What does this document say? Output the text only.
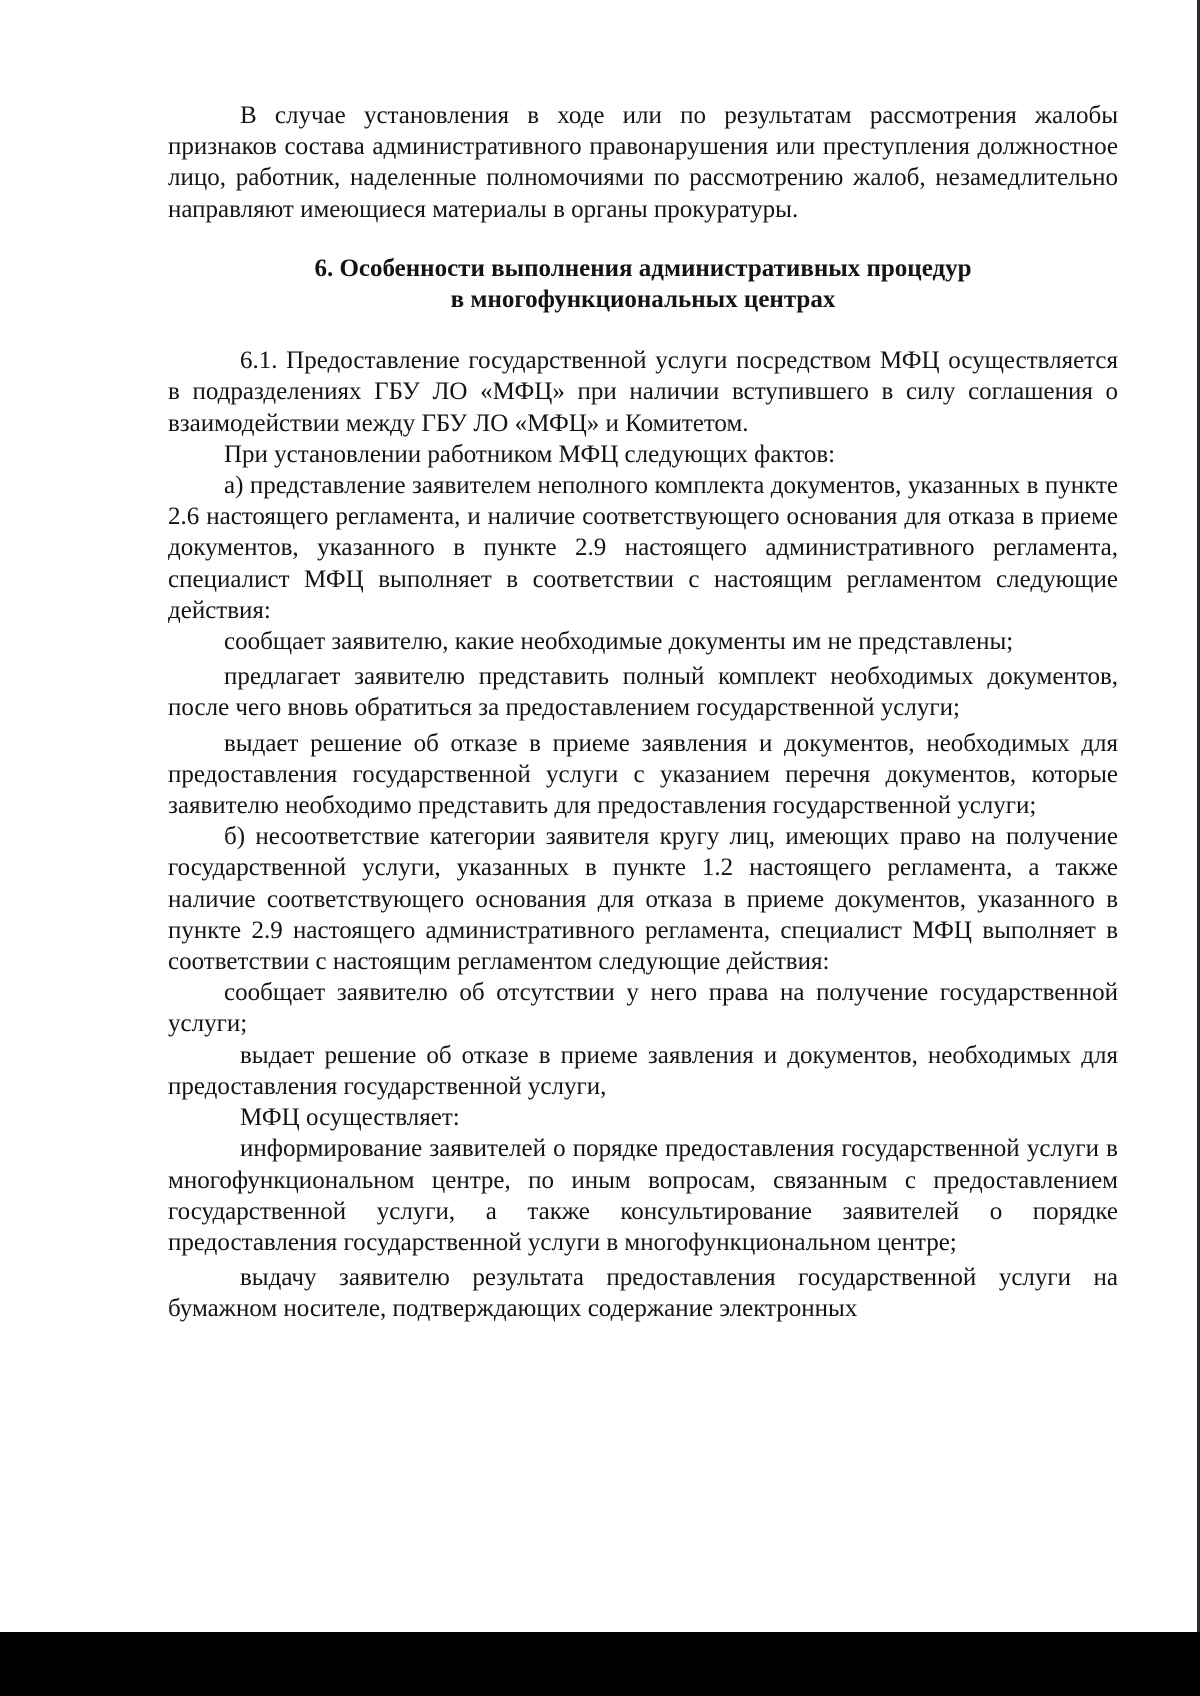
В случае установления в ходе или по результатам рассмотрения жалобы признаков состава административного правонарушения или преступления должностное лицо, работник, наделенные полномочиями по рассмотрению жалоб, незамедлительно направляют имеющиеся материалы в органы прокуратуры.

6. Особенности выполнения административных процедур
в многофункциональных центрах

6.1. Предоставление государственной услуги посредством МФЦ осуществляется в подразделениях ГБУ ЛО «МФЦ» при наличии вступившего в силу соглашения о взаимодействии между ГБУ ЛО «МФЦ» и Комитетом.

При установлении работником МФЦ следующих фактов:

а) представление заявителем неполного комплекта документов, указанных в пункте 2.6 настоящего регламента, и наличие соответствующего основания для отказа в приеме документов, указанного в пункте 2.9 настоящего административного регламента, специалист МФЦ выполняет в соответствии с настоящим регламентом следующие действия:

сообщает заявителю, какие необходимые документы им не представлены;

предлагает заявителю представить полный комплект необходимых документов, после чего вновь обратиться за предоставлением государственной услуги;

выдает решение об отказе в приеме заявления и документов, необходимых для предоставления государственной услуги с указанием перечня документов, которые заявителю необходимо представить для предоставления государственной услуги;

б) несоответствие категории заявителя кругу лиц, имеющих право на получение государственной услуги, указанных в пункте 1.2 настоящего регламента, а также наличие соответствующего основания для отказа в приеме документов, указанного в пункте 2.9 настоящего административного регламента, специалист МФЦ выполняет в соответствии с настоящим регламентом следующие действия:

сообщает заявителю об отсутствии у него права на получение государственной услуги;

выдает решение об отказе в приеме заявления и документов, необходимых для предоставления государственной услуги,

МФЦ осуществляет:

информирование заявителей о порядке предоставления государственной услуги в многофункциональном центре, по иным вопросам, связанным с предоставлением государственной услуги, а также консультирование заявителей о порядке предоставления государственной услуги в многофункциональном центре;

выдачу заявителю результата предоставления государственной услуги на бумажном носителе, подтверждающих содержание электронных
